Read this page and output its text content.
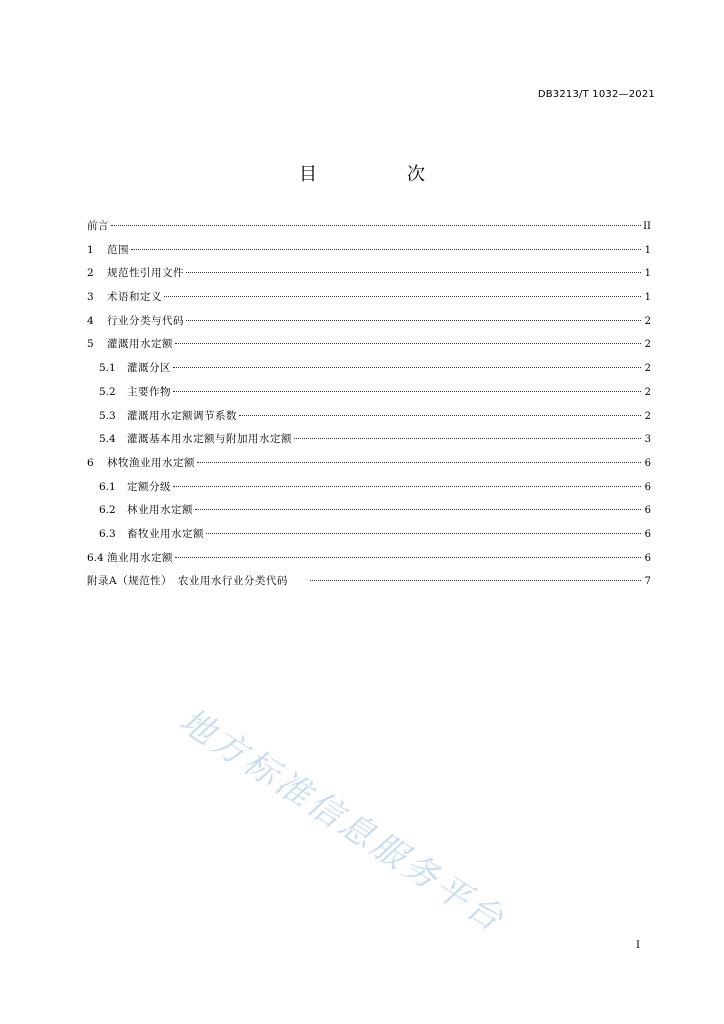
DB3213/T 1032—2021
目　次
前言	II
1	范围	1
2	规范性引用文件	1
3	术语和定义	1
4	行业分类与代码	2
5	灌溉用水定额	2
5.1	灌溉分区	2
5.2	主要作物	2
5.3	灌溉用水定额调节系数	2
5.4	灌溉基本用水定额与附加用水定额	3
6	林牧渔业用水定额	6
6.1	定额分级	6
6.2	林业用水定额	6
6.3	畜牧业用水定额	6
6.4 渔业用水定额	6
附录A（规范性）　农业用水行业分类代码	7
I
地方标准信息服务平台
